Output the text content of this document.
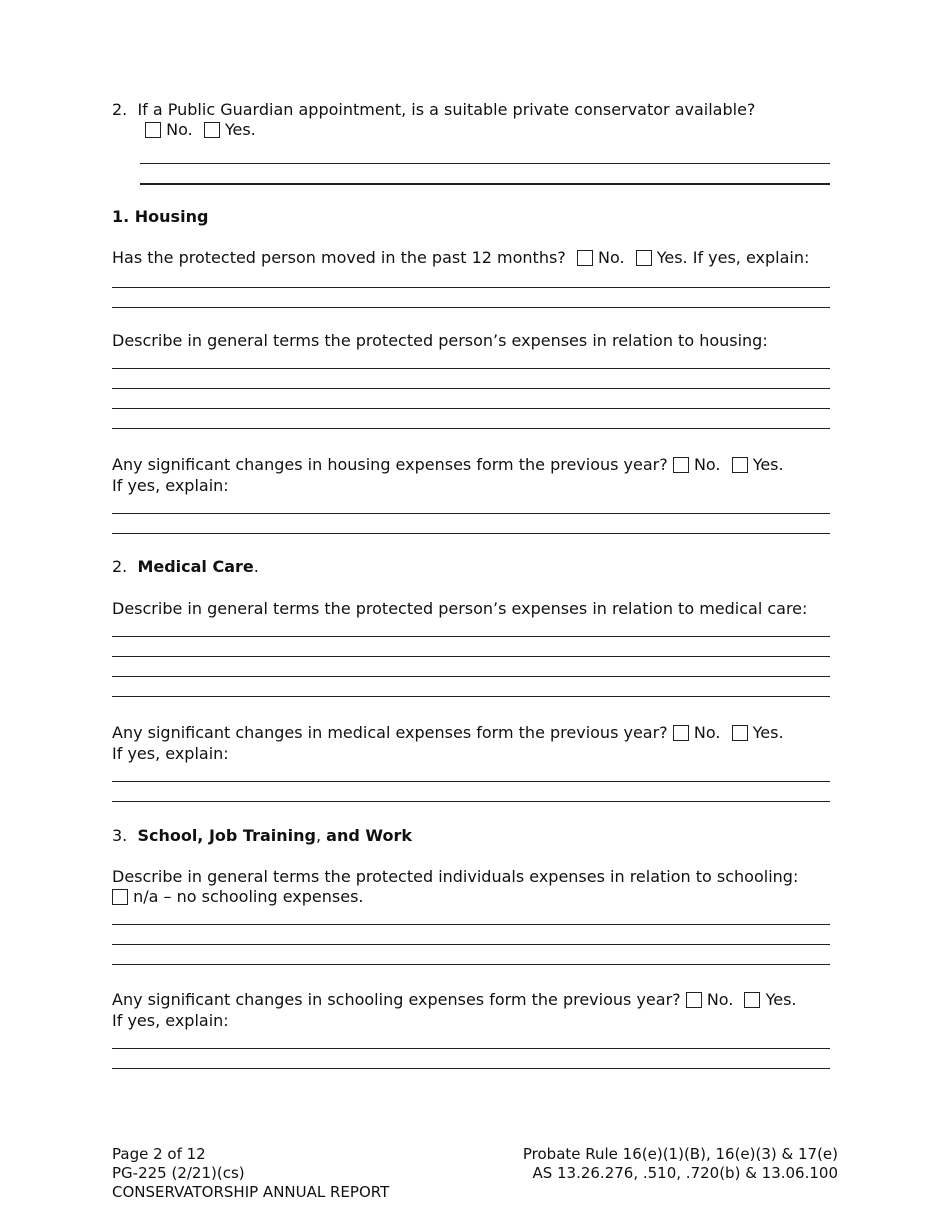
2. If a Public Guardian appointment, is a suitable private conservator available?
No. Yes.
1. Housing
Has the protected person moved in the past 12 months? No. Yes. If yes, explain:
Describe in general terms the protected person’s expenses in relation to housing:
Any significant changes in housing expenses form the previous year? No. Yes.
If yes, explain:
2. Medical Care.
Describe in general terms the protected person’s expenses in relation to medical care:
Any significant changes in medical expenses form the previous year? No. Yes.
If yes, explain:
3. School, Job Training, and Work
Describe in general terms the protected individuals expenses in relation to schooling:
n/a – no schooling expenses.
Any significant changes in schooling expenses form the previous year? No. Yes.
If yes, explain:
Page 2 of 12
PG-225 (2/21)(cs)
CONSERVATORSHIP ANNUAL REPORT
Probate Rule 16(e)(1)(B), 16(e)(3) & 17(e)
AS 13.26.276, .510, .720(b) & 13.06.100
